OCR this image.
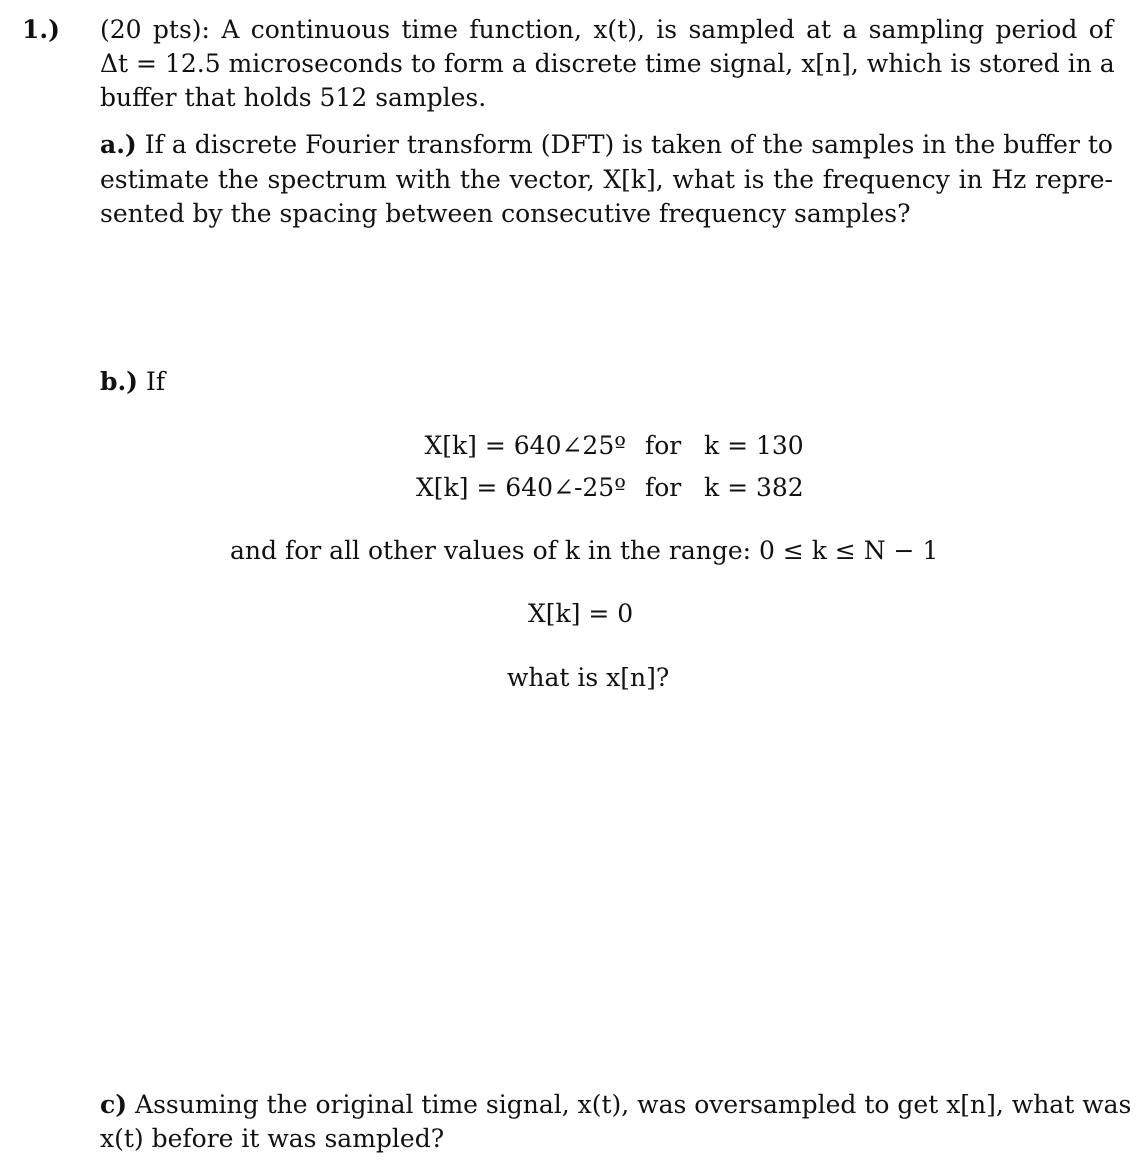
1.) (20 pts): A continuous time function, x(t), is sampled at a sampling period of
Δt = 12.5 microseconds to form a discrete time signal, x[n], which is stored in a
buffer that holds 512 samples.
a.) If a discrete Fourier transform (DFT) is taken of the samples in the buffer to
estimate the spectrum with the vector, X[k], what is the frequency in Hz repre-
sented by the spacing between consecutive frequency samples?
b.) If
X[k] = 640∠25º for k = 130
X[k] = 640∠-25º for k = 382
and for all other values of k in the range: 0 ≤ k ≤ N − 1
X[k] = 0
what is x[n]?
c) Assuming the original time signal, x(t), was oversampled to get x[n], what was
x(t) before it was sampled?
